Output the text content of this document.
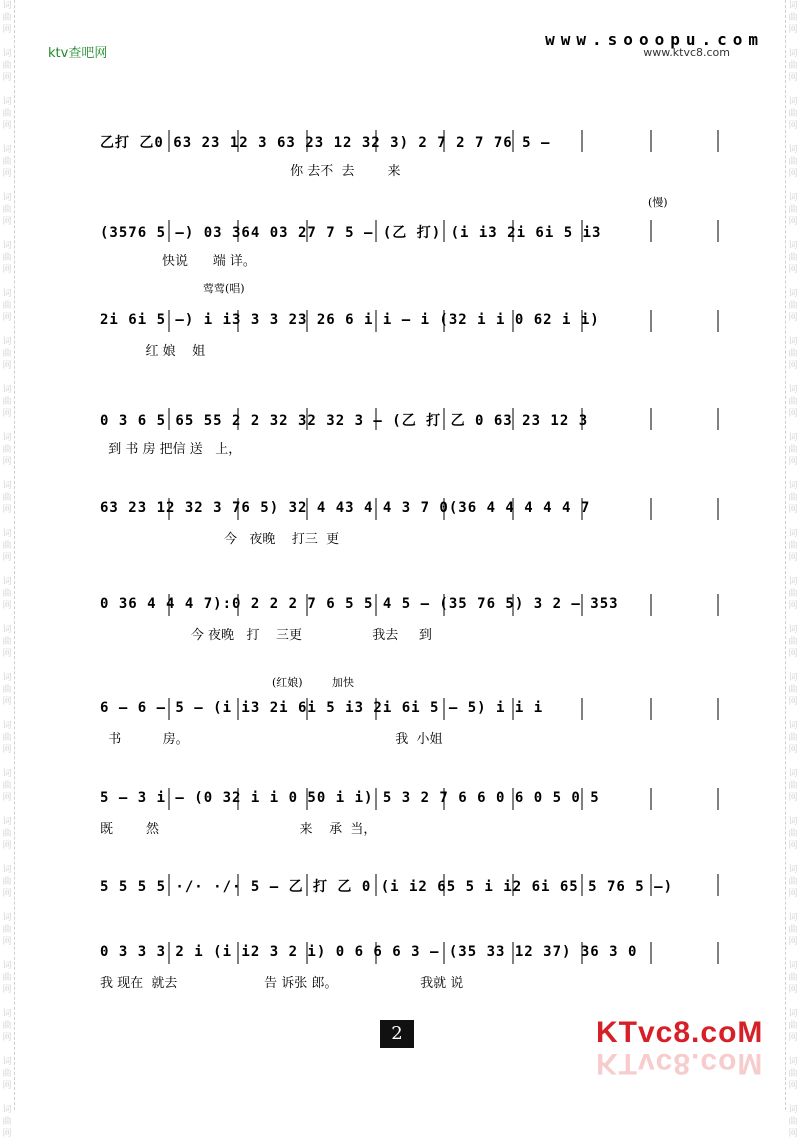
词
曲
网

词
曲
网

词
曲
网

词
曲
网

词
曲
网

词
曲
网

词
曲
网

词
曲
网

词
曲
网

词
曲
网

词
曲
网

词
曲
网

词
曲
网

词
曲
网

词
曲
网

词
曲
网

词
曲
网

词
曲
网

词
曲
网

词
曲
网

词
曲
网

词
曲
网

词
曲
网

词
曲
网

词
曲
网

词
曲
网

词
曲
网

词
曲
网

词
曲
网

词
曲
网

词
曲
网

词
曲
网

词
曲
网

词
曲
网

词
曲
网

词
曲
网

词
曲
网

词
曲
网

词
曲
网

词
曲
网

词
曲
网

词
曲
网

词
曲
网

词
曲
网

词
曲
网

词
曲
网

词
曲
网

词
曲
网

ktv查吧网
www.sooopu.com
www.ktvc8.com
乙打 乙0 63 23 12 3 63 23 12 32 3) 2 7 2 7 76 5 —
你 去不  去        来
(3576 5 —) 03 364 03 27 7 5 — (乙 打) (i i3 2i 6i 5 i3
快说      端 详。
(慢)
2i 6i 5 —) i i3 3 3 23 26 6 i i — i (32 i i 0 62 i i)
红 娘    姐
莺莺(唱)
0 3 6 5 65 55 2 2 32 32 32 3 — (乙 打 乙 0 63 23 12 3
到 书 房 把信 送   上，
63 23 12 32 3 76 5) 32 4 43 4 4 3 7 0(36 4 4 4 4 4 7
今   夜晚    打三  更
0 36 4 4 4 7):0 2 2 2 7 6 5 5 4 5 — (35 76 5) 3 2 — 353
今 夜晚   打    三更                 我去     到
6 — 6 — 5 — (i i3 2i 6i 5 i3 2i 6i 5 — 5) i i i
书          房。                                                  我  小姐
(红娘)	加快
5 — 3 i — (0 32 i i 0 50 i i) 5 3 2 7 6 6 0 6 0 5 0 5
既        然                                  来    承  当，
5 5 5 5 ·/· ·/· 5 — 乙 打 乙 0 (i i2 65 5 i i2 6i 65 5 76 5 —)
0 3 3 3 2 i (i i2 3 2 i) 0 6 6 6 3 — (35 33 12 37) 36 3 0
我 现在  就去                     告 诉张 郎。                    我就 说
2	KTvc8.coM
KTvc8.coM
